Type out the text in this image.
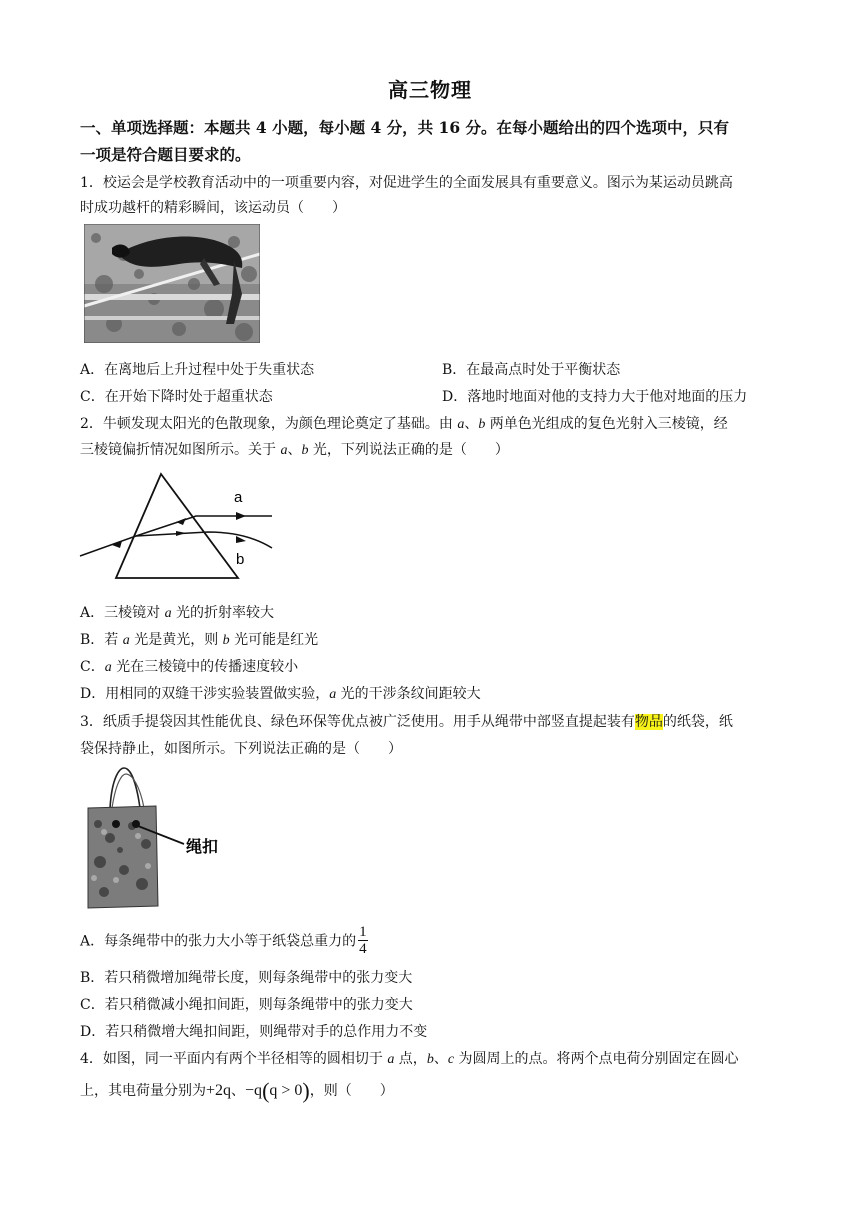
高三物理
一、单项选择题：本题共 4 小题，每小题 4 分，共 16 分。在每小题给出的四个选项中，只有
一项是符合题目要求的。
1．校运会是学校教育活动中的一项重要内容，对促进学生的全面发展具有重要意义。图示为某运动员跳高
时成功越杆的精彩瞬间，该运动员（　　）
A．在离地后上升过程中处于失重状态	B．在最高点时处于平衡状态
C．在开始下降时处于超重状态	D．落地时地面对他的支持力大于他对地面的压力
2．牛顿发现太阳光的色散现象，为颜色理论奠定了基础。由 a、b 两单色光组成的复色光射入三棱镜，经
三棱镜偏折情况如图所示。关于 a、b 光，下列说法正确的是（　　）
a
b
A．三棱镜对 a 光的折射率较大
B．若 a 光是黄光，则 b 光可能是红光
C．a 光在三棱镜中的传播速度较小
D．用相同的双缝干涉实验装置做实验，a 光的干涉条纹间距较大
3．纸质手提袋因其性能优良、绿色环保等优点被广泛使用。用手从绳带中部竖直提起装有物品的纸袋，纸
袋保持静止，如图所示。下列说法正确的是（　　）
绳扣
A．每条绳带中的张力大小等于纸袋总重力的 $\frac{1}{4}$
B．若只稍微增加绳带长度，则每条绳带中的张力变大
C．若只稍微减小绳扣间距，则每条绳带中的张力变大
D．若只稍微增大绳扣间距，则绳带对手的总作用力不变
4．如图，同一平面内有两个半径相等的圆相切于 a 点，b、c 为圆周上的点。将两个点电荷分别固定在圆心
上，其电荷量分别为+2q、−q(q > 0)，则（　　）
